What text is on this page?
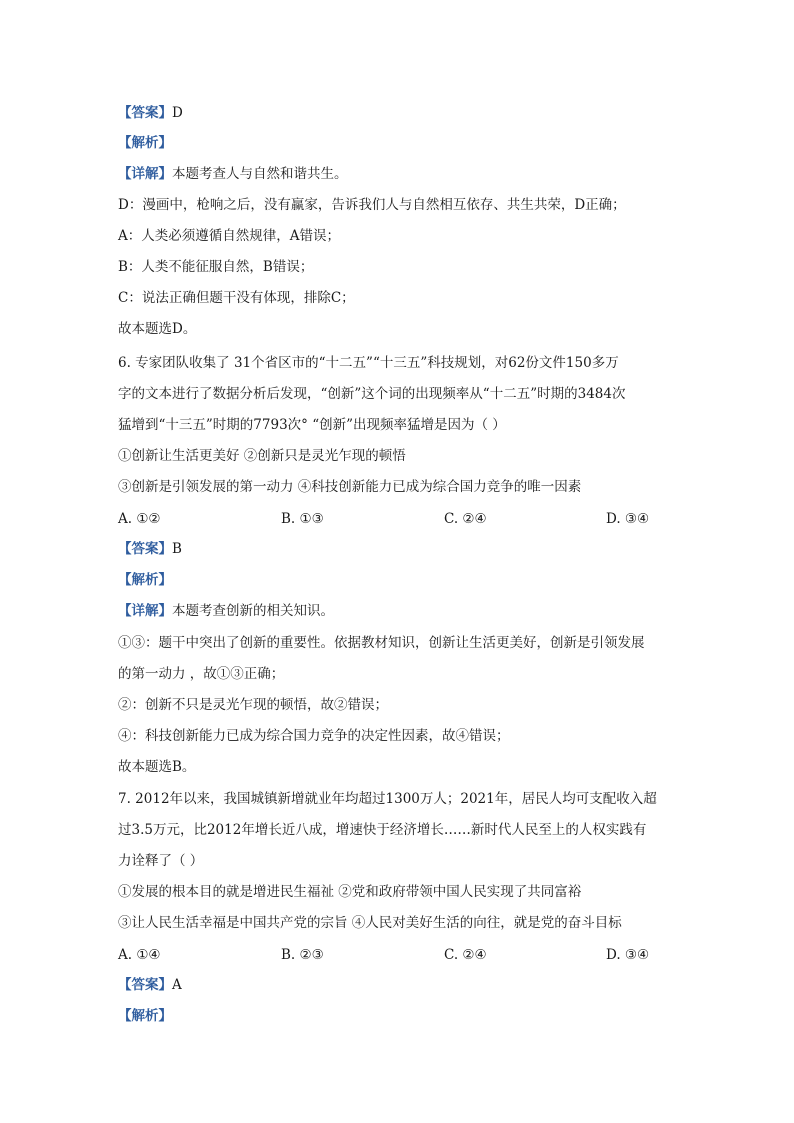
【答案】D
【解析】
【详解】本题考查人与自然和谐共生。
D：漫画中，枪响之后，没有赢家，告诉我们人与自然相互依存、共生共荣，D正确；
A：人类必须遵循自然规律，A错误；
B：人类不能征服自然，B错误；
C：说法正确但题干没有体现，排除C；
故本题选D。
6. 专家团队收集了 31个省区市的“十二五”“十三五”科技规划，对62份文件150多万
字的文本进行了数据分析后发现，“创新”这个词的出现频率从“十二五”时期的3484次
猛增到“十三五”时期的7793次° “创新”出现频率猛增是因为（ ）
①创新让生活更美好 ②创新只是灵光乍现的顿悟
③创新是引领发展的第一动力 ④科技创新能力已成为综合国力竞争的唯一因素
A. ①②	B. ①③	C. ②④	D. ③④
【答案】B
【解析】
【详解】本题考查创新的相关知识。
①③：题干中突出了创新的重要性。依据教材知识，创新让生活更美好，创新是引领发展
的第一动力 ，故①③正确；
②：创新不只是灵光乍现的顿悟，故②错误；
④：科技创新能力已成为综合国力竞争的决定性因素，故④错误；
故本题选B。
7. 2012年以来，我国城镇新增就业年均超过1300万人；2021年，居民人均可支配收入超
过3.5万元，比2012年增长近八成，增速快于经济增长……新时代人民至上的人权实践有
力诠释了（ ）
①发展的根本目的就是增进民生福祉 ②党和政府带领中国人民实现了共同富裕
③让人民生活幸福是中国共产党的宗旨 ④人民对美好生活的向往，就是党的奋斗目标
A. ①④	B. ②③	C. ②④	D. ③④
【答案】A
【解析】
